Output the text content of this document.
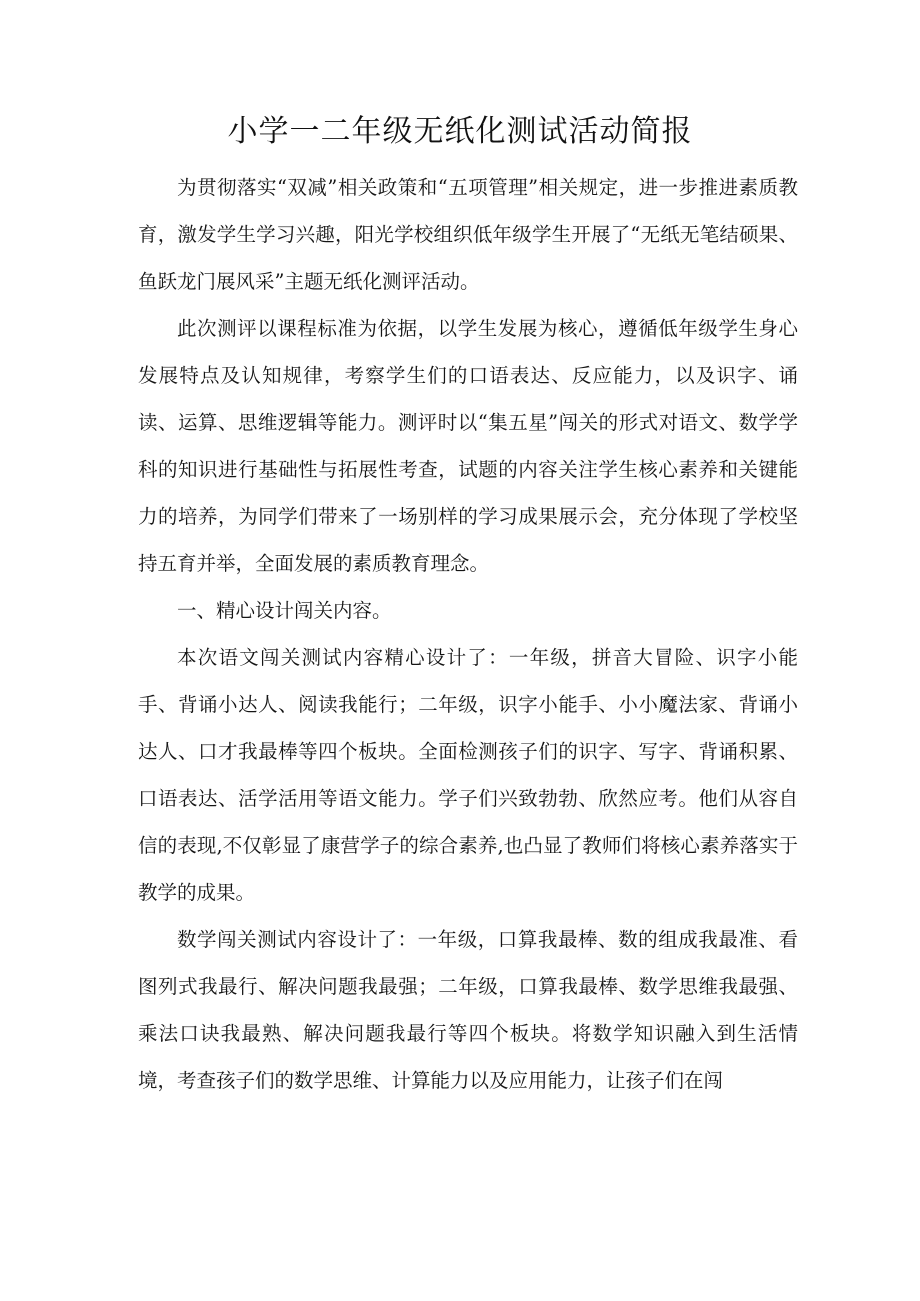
小学一二年级无纸化测试活动简报

为贯彻落实“双减”相关政策和“五项管理”相关规定，进一步推进素质教育，激发学生学习兴趣，阳光学校组织低年级学生开展了“无纸无笔结硕果、鱼跃龙门展风采”主题无纸化测评活动。

此次测评以课程标准为依据，以学生发展为核心，遵循低年级学生身心发展特点及认知规律，考察学生们的口语表达、反应能力，以及识字、诵读、运算、思维逻辑等能力。测评时以“集五星”闯关的形式对语文、数学学科的知识进行基础性与拓展性考查，试题的内容关注学生核心素养和关键能力的培养，为同学们带来了一场别样的学习成果展示会，充分体现了学校坚持五育并举，全面发展的素质教育理念。

一、精心设计闯关内容。

本次语文闯关测试内容精心设计了：一年级，拼音大冒险、识字小能手、背诵小达人、阅读我能行；二年级，识字小能手、小小魔法家、背诵小达人、口才我最棒等四个板块。全面检测孩子们的识字、写字、背诵积累、口语表达、活学活用等语文能力。学子们兴致勃勃、欣然应考。他们从容自信的表现,不仅彰显了康营学子的综合素养,也凸显了教师们将核心素养落实于教学的成果。

数学闯关测试内容设计了：一年级，口算我最棒、数的组成我最准、看图列式我最行、解决问题我最强；二年级，口算我最棒、数学思维我最强、乘法口诀我最熟、解决问题我最行等四个板块。将数学知识融入到生活情境，考查孩子们的数学思维、计算能力以及应用能力，让孩子们在闯
